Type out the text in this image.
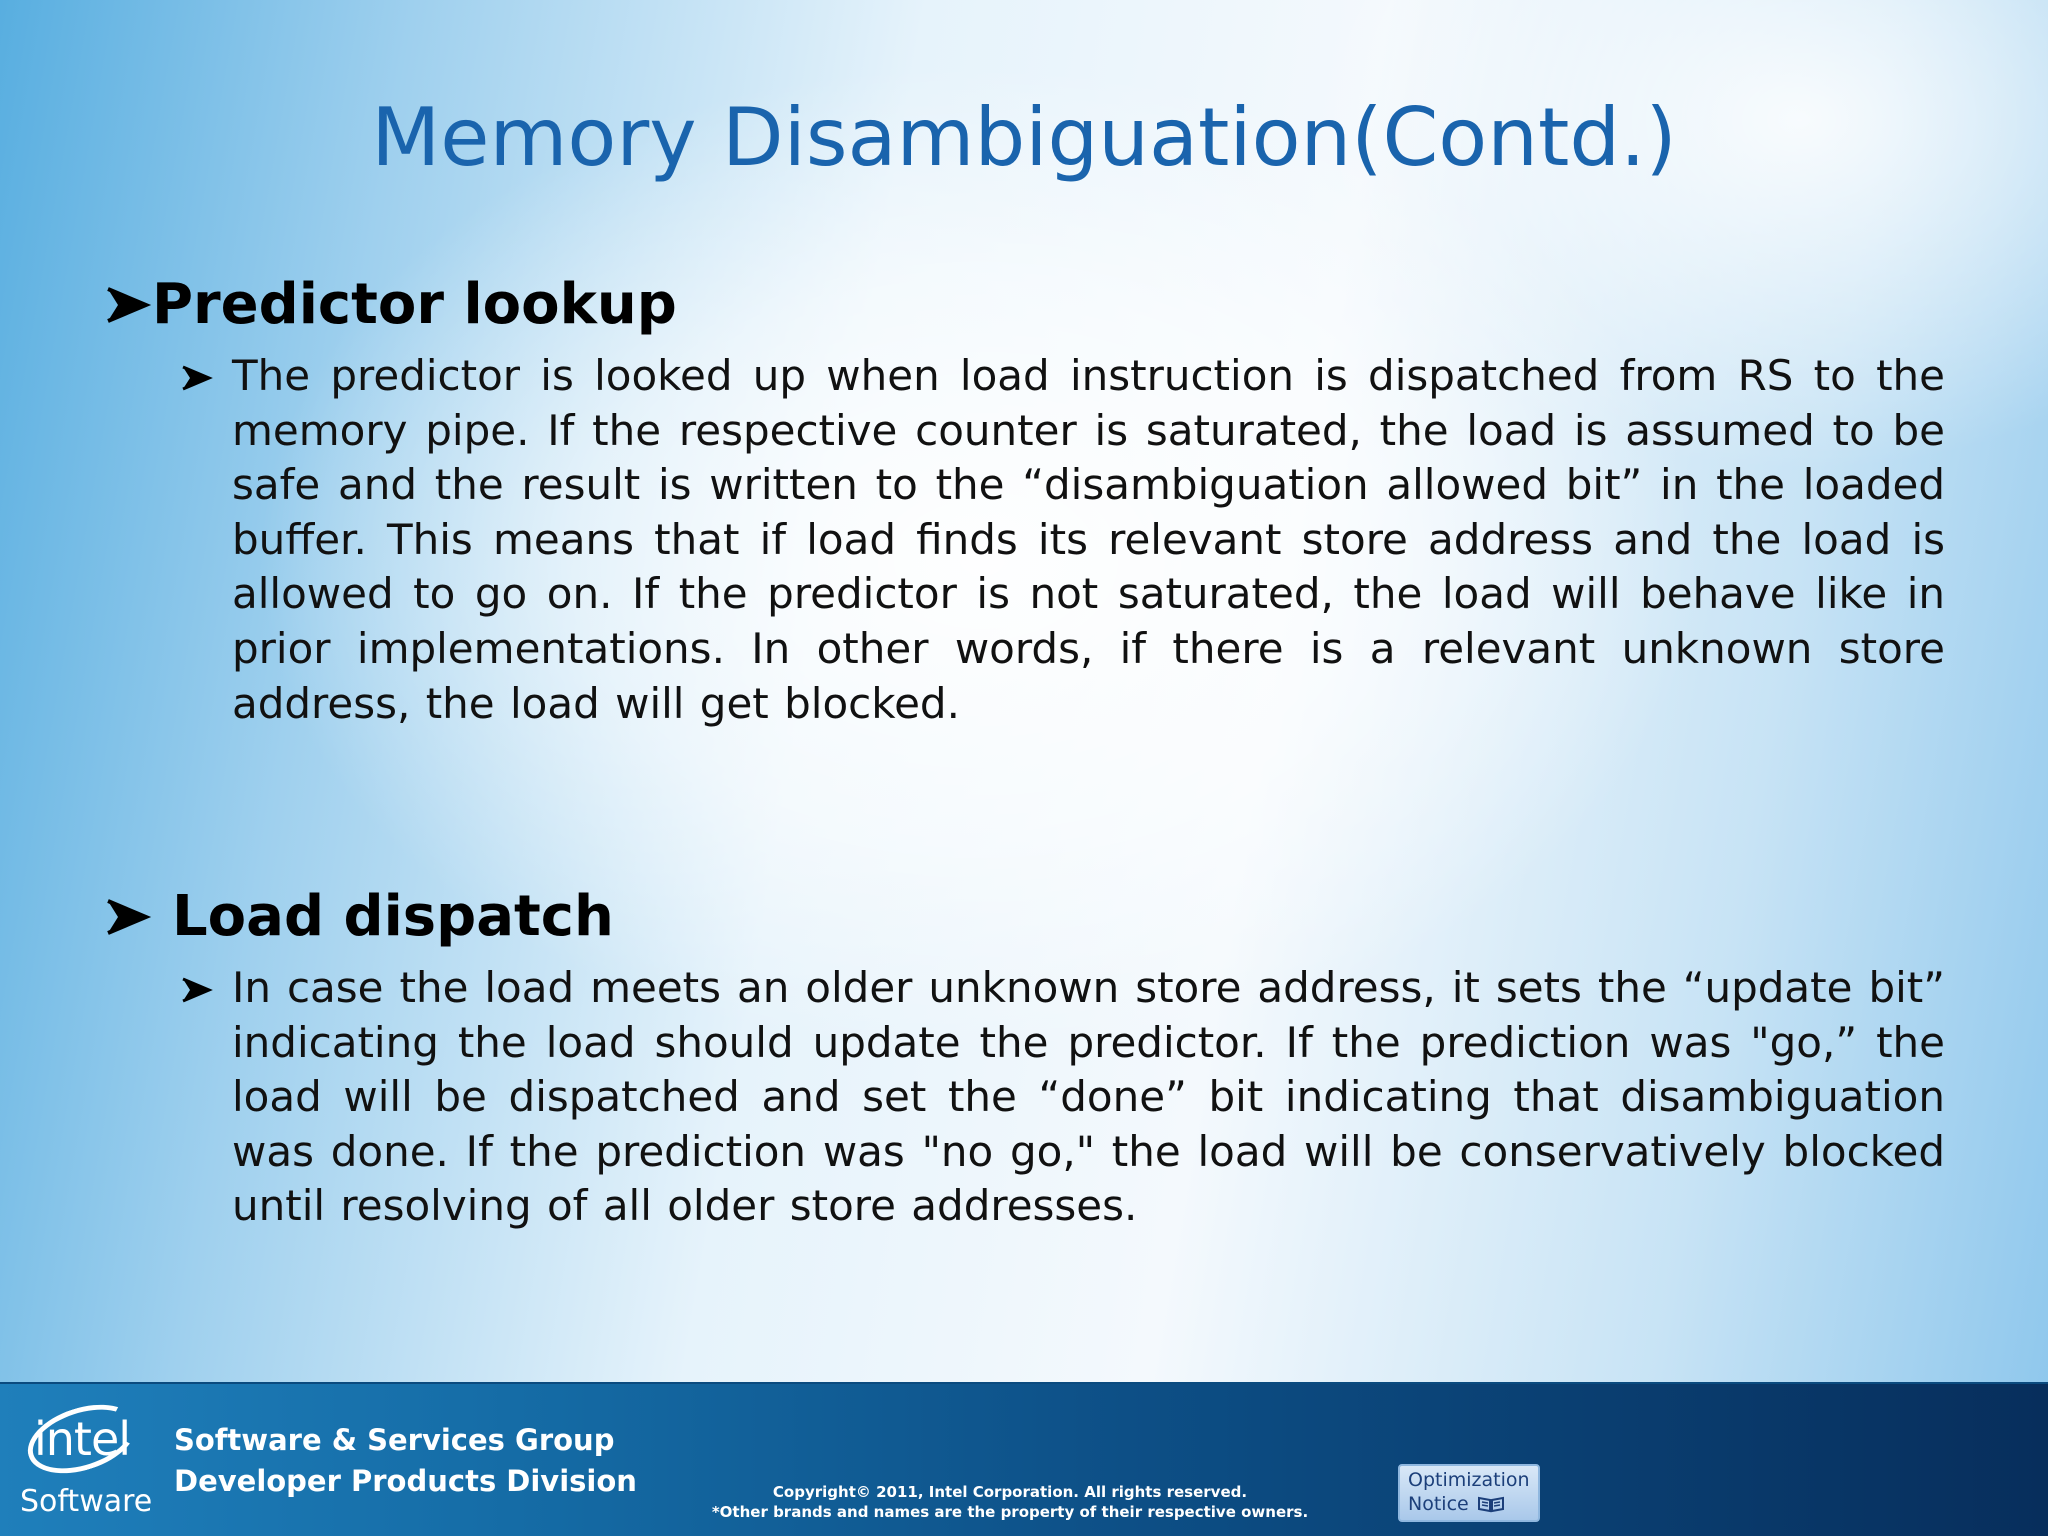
Memory Disambiguation(Contd.)
Predictor lookup
The predictor is looked up when load instruction is dispatched from RS to the memory pipe. If the respective counter is saturated, the load is assumed to be safe and the result is written to the “disambiguation allowed bit” in the loaded buffer. This means that if load finds its relevant store address and the load is allowed to go on. If the predictor is not saturated, the load will behave like in prior implementations. In other words, if there is a relevant unknown store address, the load will get blocked.
Load dispatch
In case the load meets an older unknown store address, it sets the “update bit” indicating the load should update the predictor. If the prediction was "go,” the load will be dispatched and set the “done” bit indicating that disambiguation was done. If the prediction was "no go," the load will be conservatively blocked until resolving of all older store addresses.
intel
Software
Software & Services Group
Developer Products Division	Copyright© 2011, Intel Corporation. All rights reserved.
*Other brands and names are the property of their respective owners.
Optimization
Notice
